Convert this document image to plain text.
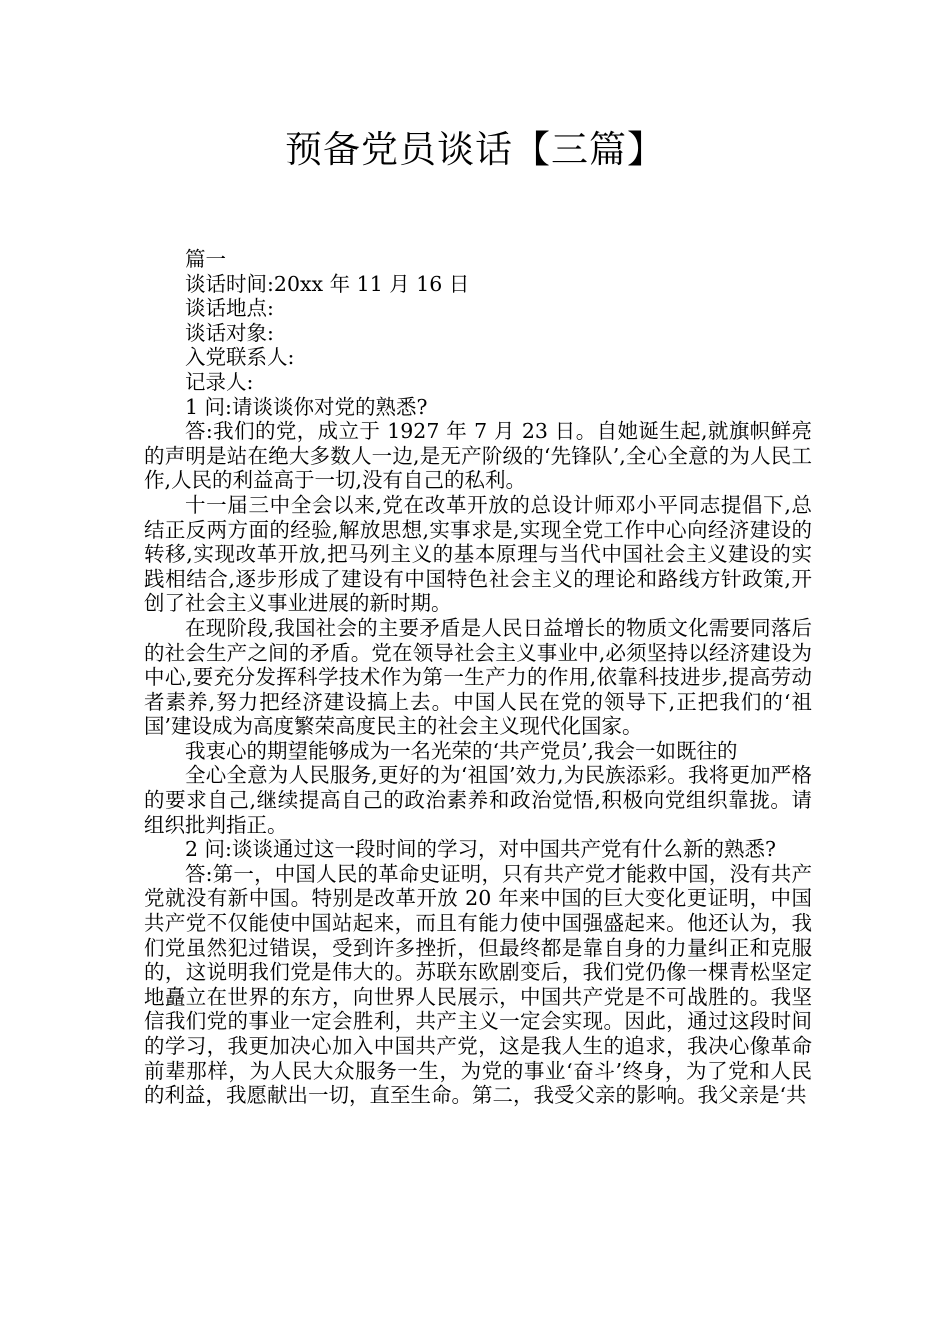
预备党员谈话【三篇】

篇一

谈话时间:20xx 年 11 月 16 日

谈话地点:

谈话对象:

入党联系人:

记录人:

1 问:请谈谈你对党的熟悉?

答:我们的党，成立于 1927 年 7 月 23 日。自她诞生起,就旗帜鲜亮的声明是站在绝大多数人一边,是无产阶级的‘先锋队’,全心全意的为人民工作,人民的利益高于一切,没有自己的私利。

十一届三中全会以来,党在改革开放的总设计师邓小平同志提倡下,总结正反两方面的经验,解放思想,实事求是,实现全党工作中心向经济建设的转移,实现改革开放,把马列主义的基本原理与当代中国社会主义建设的实践相结合,逐步形成了建设有中国特色社会主义的理论和路线方针政策,开创了社会主义事业进展的新时期。

在现阶段,我国社会的主要矛盾是人民日益增长的物质文化需要同落后的社会生产之间的矛盾。党在领导社会主义事业中,必须坚持以经济建设为中心,要充分发挥科学技术作为第一生产力的作用,依靠科技进步,提高劳动者素养,努力把经济建设搞上去。中国人民在党的领导下,正把我们的‘祖国’建设成为高度繁荣高度民主的社会主义现代化国家。

我衷心的期望能够成为一名光荣的‘共产党员’,我会一如既往的

全心全意为人民服务,更好的为‘祖国’效力,为民族添彩。我将更加严格的要求自己,继续提高自己的政治素养和政治觉悟,积极向党组织靠拢。请组织批判指正。

2 问:谈谈通过这一段时间的学习，对中国共产党有什么新的熟悉?

答:第一，中国人民的革命史证明，只有共产党才能救中国，没有共产党就没有新中国。特别是改革开放 20 年来中国的巨大变化更证明，中国共产党不仅能使中国站起来，而且有能力使中国强盛起来。他还认为，我们党虽然犯过错误，受到许多挫折，但最终都是靠自身的力量纠正和克服的，这说明我们党是伟大的。苏联东欧剧变后，我们党仍像一棵青松坚定地矗立在世界的东方，向世界人民展示，中国共产党是不可战胜的。我坚信我们党的事业一定会胜利，共产主义一定会实现。因此，通过这段时间的学习，我更加决心加入中国共产党，这是我人生的追求，我决心像革命前辈那样，为人民大众服务一生，为党的事业‘奋斗’终身，为了党和人民的利益，我愿献出一切，直至生命。第二，我受父亲的影响。我父亲是‘共
